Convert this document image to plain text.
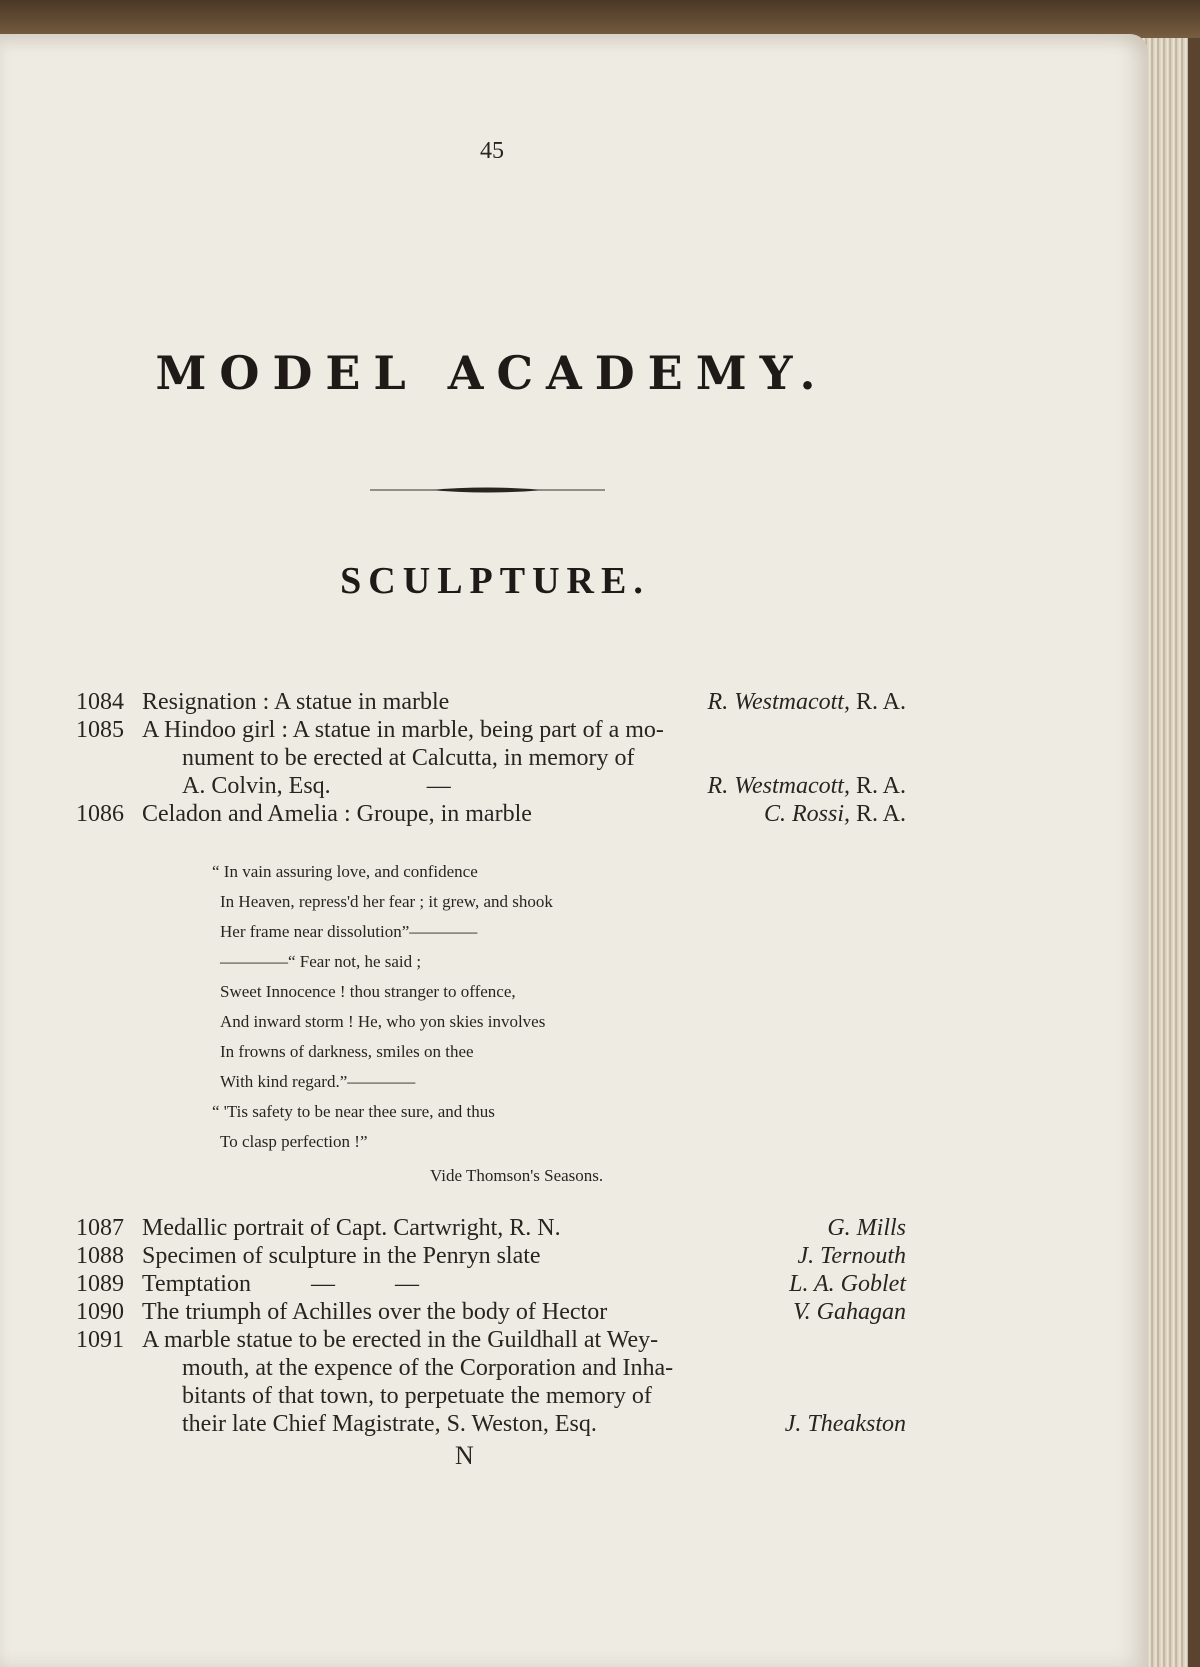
45
MODEL ACADEMY.
SCULPTURE.
1084 Resignation : A statue in marble	R. Westmacott, R. A.
1085 A Hindoo girl : A statue in marble, being part of a mo-
nument to be erected at Calcutta, in memory of
A. Colvin, Esq.	—	R. Westmacott, R. A.
1086 Celadon and Amelia : Groupe, in marble	C. Rossi, R. A.
“ In vain assuring love, and confidence
In Heaven, repress'd her fear ; it grew, and shook
Her frame near dissolution”————
————“ Fear not, he said ;
Sweet Innocence ! thou stranger to offence,
And inward storm ! He, who yon skies involves
In frowns of darkness, smiles on thee
With kind regard.”————
“ 'Tis safety to be near thee sure, and thus
To clasp perfection !”
Vide Thomson's Seasons.
1087 Medallic portrait of Capt. Cartwright, R. N.	G. Mills
1088 Specimen of sculpture in the Penryn slate	J. Ternouth
1089 Temptation          —          —	L. A. Goblet
1090 The triumph of Achilles over the body of Hector	V. Gahagan
1091 A marble statue to be erected in the Guildhall at Wey-
mouth, at the expence of the Corporation and Inha-
bitants of that town, to perpetuate the memory of
their late Chief Magistrate, S. Weston, Esq.	J. Theakston
N
